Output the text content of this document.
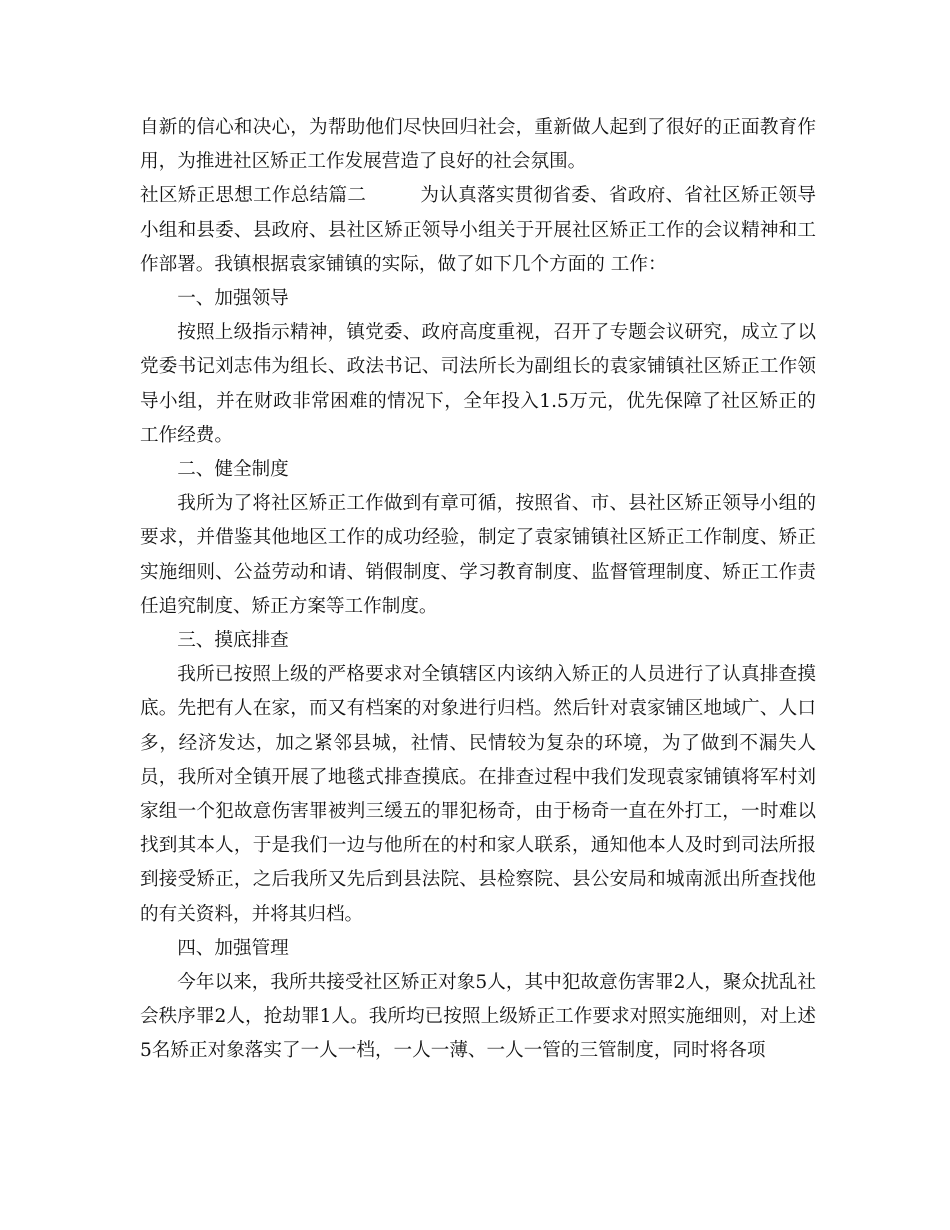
自新的信心和决心，为帮助他们尽快回归社会，重新做人起到了很好的正面教育作用，为推进社区矫正工作发展营造了良好的社会氛围。

社区矫正思想工作总结篇二	为认真落实贯彻省委、省政府、省社区矫正领导小组和县委、县政府、县社区矫正领导小组关于开展社区矫正工作的会议精神和工作部署。我镇根据袁家铺镇的实际，做了如下几个方面的 工作：

一、加强领导

按照上级指示精神，镇党委、政府高度重视，召开了专题会议研究，成立了以党委书记刘志伟为组长、政法书记、司法所长为副组长的袁家铺镇社区矫正工作领导小组，并在财政非常困难的情况下，全年投入1.5万元，优先保障了社区矫正的工作经费。

二、健全制度

我所为了将社区矫正工作做到有章可循，按照省、市、县社区矫正领导小组的要求，并借鉴其他地区工作的成功经验，制定了袁家铺镇社区矫正工作制度、矫正实施细则、公益劳动和请、销假制度、学习教育制度、监督管理制度、矫正工作责任追究制度、矫正方案等工作制度。

三、摸底排查

我所已按照上级的严格要求对全镇辖区内该纳入矫正的人员进行了认真排查摸底。先把有人在家，而又有档案的对象进行归档。然后针对袁家铺区地域广、人口多，经济发达，加之紧邻县城，社情、民情较为复杂的环境，为了做到不漏失人员，我所对全镇开展了地毯式排查摸底。在排查过程中我们发现袁家铺镇将军村刘家组一个犯故意伤害罪被判三缓五的罪犯杨奇，由于杨奇一直在外打工，一时难以找到其本人，于是我们一边与他所在的村和家人联系，通知他本人及时到司法所报到接受矫正，之后我所又先后到县法院、县检察院、县公安局和城南派出所查找他的有关资料，并将其归档。

四、加强管理

今年以来，我所共接受社区矫正对象5人，其中犯故意伤害罪2人，聚众扰乱社会秩序罪2人，抢劫罪1人。我所均已按照上级矫正工作要求对照实施细则，对上述5名矫正对象落实了一人一档，一人一薄、一人一管的三管制度，同时将各项
